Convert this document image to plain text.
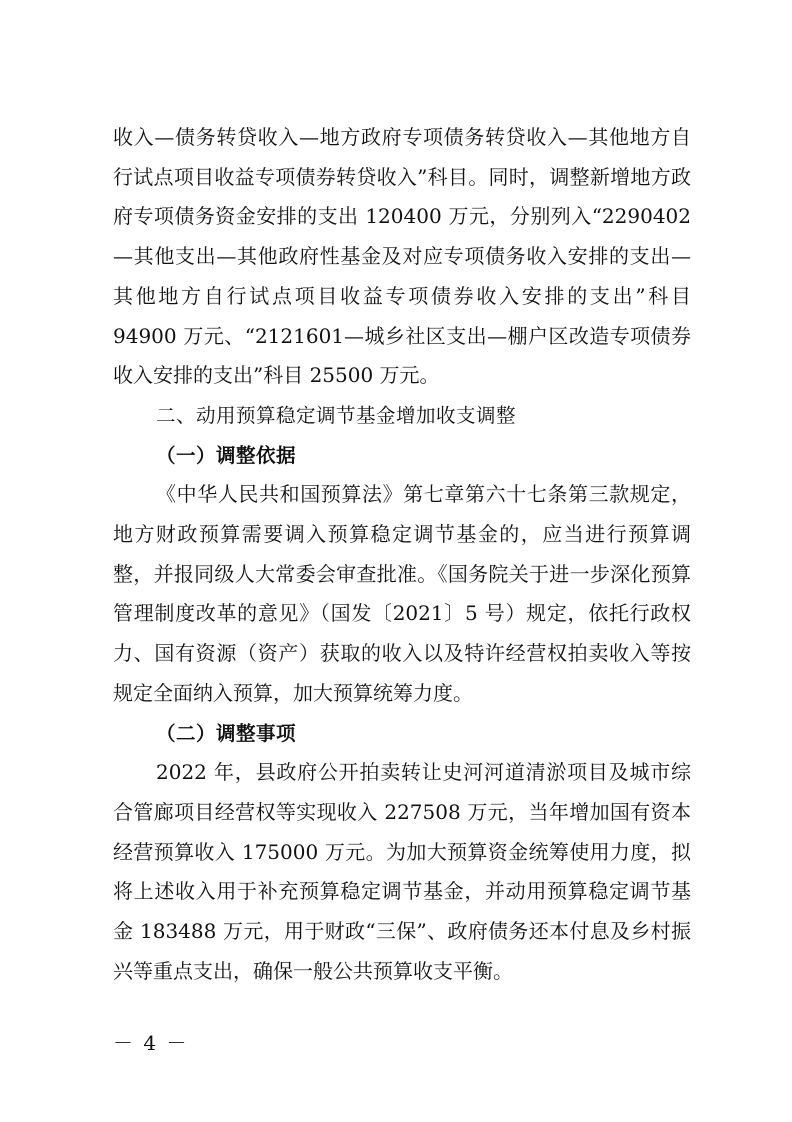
收入—债务转贷收入—地方政府专项债务转贷收入—其他地方自行试点项目收益专项债券转贷收入”科目。同时，调整新增地方政府专项债务资金安排的支出 120400 万元，分别列入“2290402—其他支出—其他政府性基金及对应专项债务收入安排的支出—其他地方自行试点项目收益专项债券收入安排的支出”科目 94900 万元、“2121601—城乡社区支出—棚户区改造专项债券收入安排的支出”科目 25500 万元。

二、动用预算稳定调节基金增加收支调整

（一）调整依据

《中华人民共和国预算法》第七章第六十七条第三款规定，地方财政预算需要调入预算稳定调节基金的，应当进行预算调整，并报同级人大常委会审查批准。《国务院关于进一步深化预算管理制度改革的意见》（国发〔2021〕5 号）规定，依托行政权力、国有资源（资产）获取的收入以及特许经营权拍卖收入等按规定全面纳入预算，加大预算统筹力度。

（二）调整事项

2022 年，县政府公开拍卖转让史河河道清淤项目及城市综合管廊项目经营权等实现收入 227508 万元，当年增加国有资本经营预算收入 175000 万元。为加大预算资金统筹使用力度，拟将上述收入用于补充预算稳定调节基金，并动用预算稳定调节基金 183488 万元，用于财政“三保”、政府债务还本付息及乡村振兴等重点支出，确保一般公共预算收支平衡。

－ 4 －
